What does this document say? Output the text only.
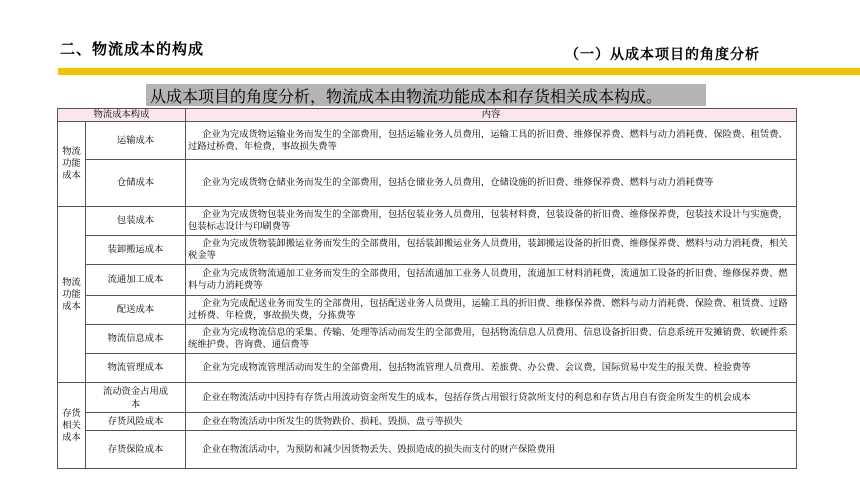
二、物流成本的构成	（一）从成本项目的角度分析
从成本项目的角度分析，物流成本由物流功能成本和存货相关成本构成。
物流成本构成		内容
物流功能成本	运输成本	企业为完成货物运输业务而发生的全部费用，包括运输业务人员费用，运输工具的折旧费、维修保养费、燃料与动力消耗费、保险费、租赁费、过路过桥费、年检费，事故损失费等
	仓储成本	企业为完成货物仓储业务而发生的全部费用，包括仓储业务人员费用，仓储设施的折旧费、维修保养费、燃料与动力消耗费等
物流功能成本	包装成本	企业为完成货物包装业务而发生的全部费用，包括包装业务人员费用，包装材料费，包装设备的折旧费、维修保养费，包装技术设计与实施费，包装标志设计与印刷费等
	装卸搬运成本	企业为完成货物装卸搬运业务而发生的全部费用，包括装卸搬运业务人员费用，装卸搬运设备的折旧费、维修保养费、燃料与动力消耗费，相关税金等
	流通加工成本	企业为完成货物流通加工业务而发生的全部费用，包括流通加工业务人员费用，流通加工材料消耗费，流通加工设备的折旧费、维修保养费、燃料与动力消耗费等
	配送成本	企业为完成配送业务而发生的全部费用，包括配送业务人员费用，运输工具的折旧费、维修保养费、燃料与动力消耗费、保险费、租赁费、过路过桥费、年检费，事故损失费，分拣费等
	物流信息成本	企业为完成物流信息的采集、传输、处理等活动而发生的全部费用，包括物流信息人员费用、信息设备折旧费、信息系统开发摊销费、软硬件系统维护费、咨询费、通信费等
	物流管理成本	企业为完成物流管理活动而发生的全部费用，包括物流管理人员费用、差旅费、办公费、会议费，国际贸易中发生的报关费、检验费等
存货相关成本	流动资金占用成本	企业在物流活动中因持有存货占用流动资金所发生的成本，包括存货占用银行贷款所支付的利息和存货占用自有资金所发生的机会成本
	存货风险成本	企业在物流活动中所发生的货物跌价、损耗、毁损、盘亏等损失
	存货保险成本	企业在物流活动中，为预防和减少因货物丢失、毁损造成的损失而支付的财产保险费用
